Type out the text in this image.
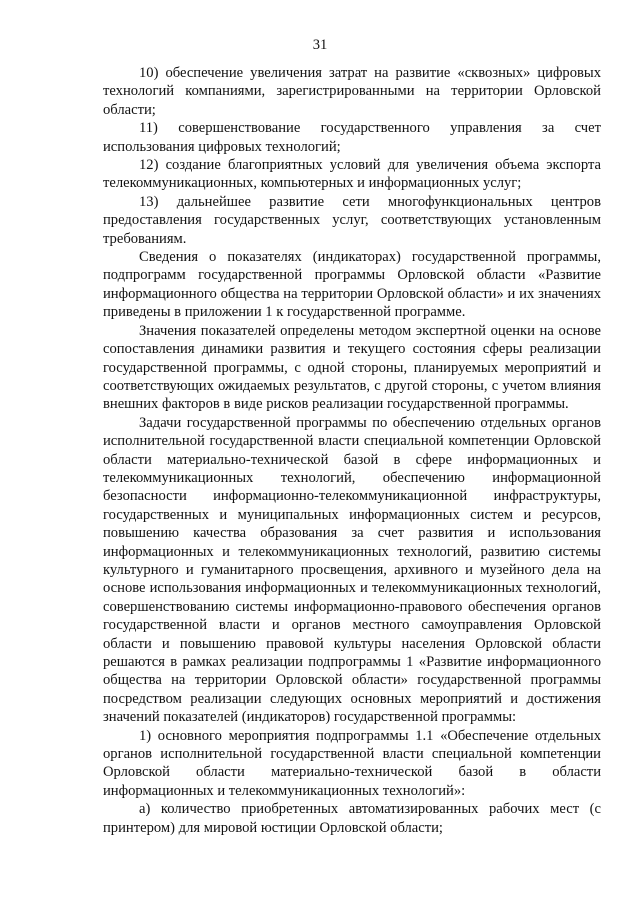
31

10) обеспечение увеличения затрат на развитие «сквозных» цифровых технологий компаниями, зарегистрированными на территории Орловской области;

11) совершенствование государственного управления за счет использования цифровых технологий;

12) создание благоприятных условий для увеличения объема экспорта телекоммуникационных, компьютерных и информационных услуг;

13) дальнейшее развитие сети многофункциональных центров предоставления государственных услуг, соответствующих установленным требованиям.

Сведения о показателях (индикаторах) государственной программы, подпрограмм государственной программы Орловской области «Развитие информационного общества на территории Орловской области» и их значениях приведены в приложении 1 к государственной программе.

Значения показателей определены методом экспертной оценки на основе сопоставления динамики развития и текущего состояния сферы реализации государственной программы, с одной стороны, планируемых мероприятий и соответствующих ожидаемых результатов, с другой стороны, с учетом влияния внешних факторов в виде рисков реализации государственной программы.

Задачи государственной программы по обеспечению отдельных органов исполнительной государственной власти специальной компетенции Орловской области материально-технической базой в сфере информационных и телекоммуникационных технологий, обеспечению информационной безопасности информационно-телекоммуникационной инфраструктуры, государственных и муниципальных информационных систем и ресурсов, повышению качества образования за счет развития и использования информационных и телекоммуникационных технологий, развитию системы культурного и гуманитарного просвещения, архивного и музейного дела на основе использования информационных и телекоммуникационных технологий, совершенствованию системы информационно-правового обеспечения органов государственной власти и органов местного самоуправления Орловской области и повышению правовой культуры населения Орловской области решаются в рамках реализации подпрограммы 1 «Развитие информационного общества на территории Орловской области» государственной программы посредством реализации следующих основных мероприятий и достижения значений показателей (индикаторов) государственной программы:

1) основного мероприятия подпрограммы 1.1 «Обеспечение отдельных органов исполнительной государственной власти специальной компетенции Орловской области материально-технической базой в области информационных и телекоммуникационных технологий»:

а) количество приобретенных автоматизированных рабочих мест (с принтером) для мировой юстиции Орловской области;
